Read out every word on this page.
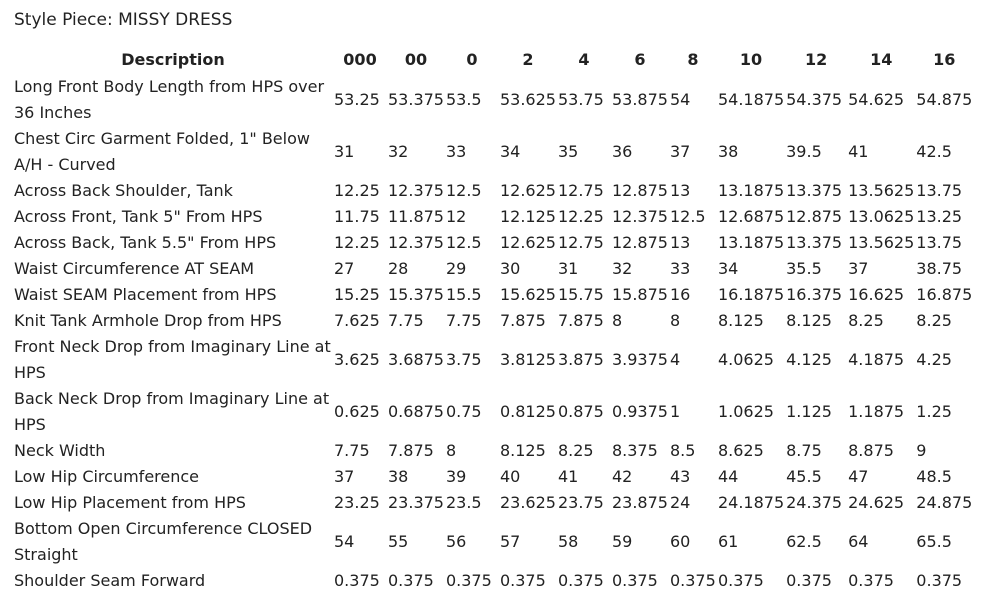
Style Piece: MISSY DRESS
Description	000	00	0	2	4	6	8	10	12	14	16
Long Front Body Length from HPS over 36 Inches	53.25	53.375	53.5	53.625	53.75	53.875	54	54.1875	54.375	54.625	54.875
Chest Circ Garment Folded, 1" Below A/H - Curved	31	32	33	34	35	36	37	38	39.5	41	42.5
Across Back Shoulder, Tank	12.25	12.375	12.5	12.625	12.75	12.875	13	13.1875	13.375	13.5625	13.75
Across Front, Tank 5" From HPS	11.75	11.875	12	12.125	12.25	12.375	12.5	12.6875	12.875	13.0625	13.25
Across Back, Tank 5.5" From HPS	12.25	12.375	12.5	12.625	12.75	12.875	13	13.1875	13.375	13.5625	13.75
Waist Circumference AT SEAM	27	28	29	30	31	32	33	34	35.5	37	38.75
Waist SEAM Placement from HPS	15.25	15.375	15.5	15.625	15.75	15.875	16	16.1875	16.375	16.625	16.875
Knit Tank Armhole Drop from HPS	7.625	7.75	7.75	7.875	7.875	8	8	8.125	8.125	8.25	8.25
Front Neck Drop from Imaginary Line at HPS	3.625	3.6875	3.75	3.8125	3.875	3.9375	4	4.0625	4.125	4.1875	4.25
Back Neck Drop from Imaginary Line at HPS	0.625	0.6875	0.75	0.8125	0.875	0.9375	1	1.0625	1.125	1.1875	1.25
Neck Width	7.75	7.875	8	8.125	8.25	8.375	8.5	8.625	8.75	8.875	9
Low Hip Circumference	37	38	39	40	41	42	43	44	45.5	47	48.5
Low Hip Placement from HPS	23.25	23.375	23.5	23.625	23.75	23.875	24	24.1875	24.375	24.625	24.875
Bottom Open Circumference CLOSED Straight	54	55	56	57	58	59	60	61	62.5	64	65.5
Shoulder Seam Forward	0.375	0.375	0.375	0.375	0.375	0.375	0.375	0.375	0.375	0.375	0.375
